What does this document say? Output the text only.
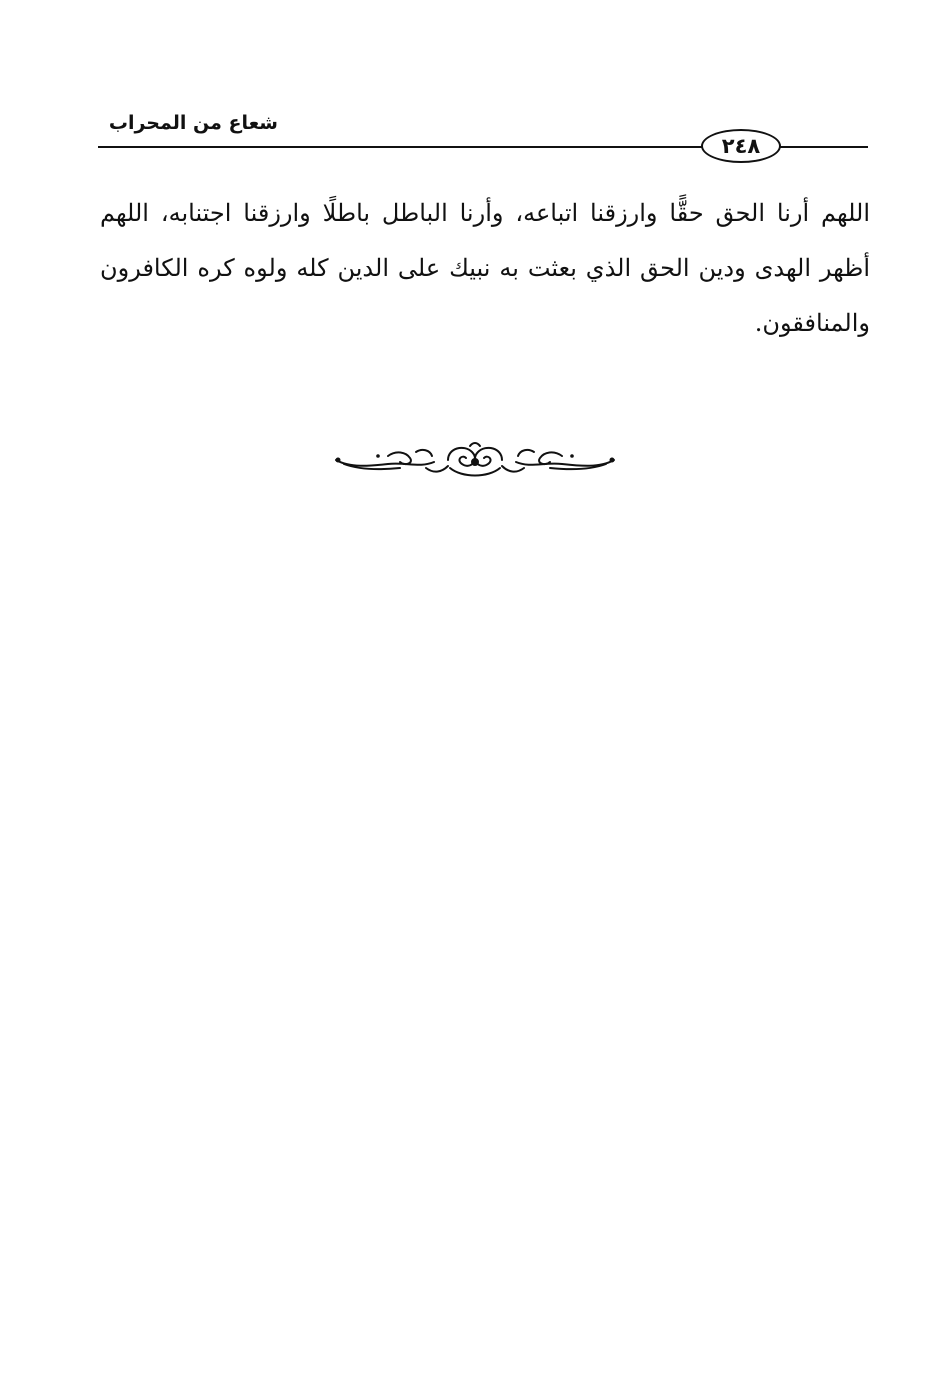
شعاع من المحراب
٢٤٨

اللهم أرنا الحق حقًّا وارزقنا اتباعه، وأرنا الباطل باطلًا وارزقنا اجتنابه، اللهم أظهر الهدى ودين الحق الذي بعثت به نبيك على الدين كله ولوه كره الكافرون والمنافقون.
